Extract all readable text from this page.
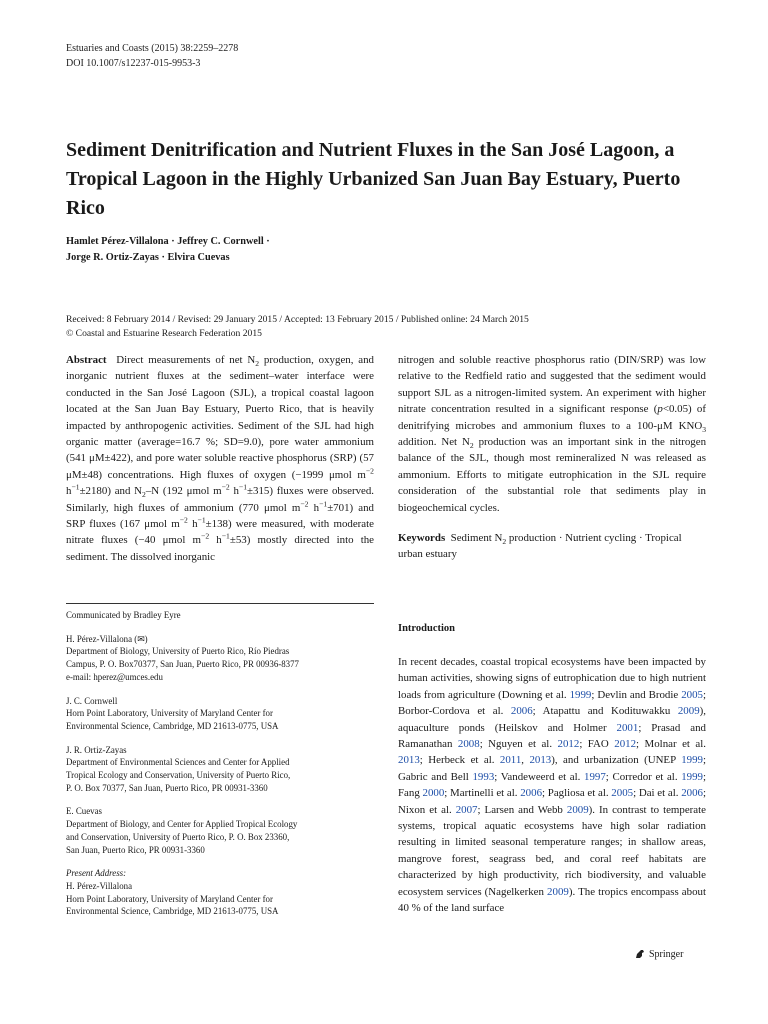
Estuaries and Coasts (2015) 38:2259–2278
DOI 10.1007/s12237-015-9953-3
Sediment Denitrification and Nutrient Fluxes in the San José Lagoon, a Tropical Lagoon in the Highly Urbanized San Juan Bay Estuary, Puerto Rico
Hamlet Pérez-Villalona · Jeffrey C. Cornwell ·
Jorge R. Ortiz-Zayas · Elvira Cuevas
Received: 8 February 2014 / Revised: 29 January 2015 / Accepted: 13 February 2015 / Published online: 24 March 2015
© Coastal and Estuarine Research Federation 2015
Abstract Direct measurements of net $N_2$ production, oxygen, and inorganic nutrient fluxes at the sediment–water interface were conducted in the San José Lagoon (SJL), a tropical coastal lagoon located at the San Juan Bay Estuary, Puerto Rico, that is heavily impacted by anthropogenic activities. Sediment of the SJL had high organic matter (average=16.7 %; SD=9.0), pore water ammonium (541 μM±422), and pore water soluble reactive phosphorus (SRP) (57 μM±48) concentrations. High fluxes of oxygen (−1999 μmol $m^{-2}$ $h^{-1}\pm 2180$) and $N_2-N$ (192 μmol $m^{-2}$ $h^{-1}\pm 315$) fluxes were observed. Similarly, high fluxes of ammonium (770 μmol $m^{-2}$ $h^{-1}\pm 701$) and SRP fluxes (167 μmol $m^{-2}$ $h^{-1}\pm 138$) were measured, with moderate nitrate fluxes (−40 μmol $m^{-2}$ $h^{-1}\pm 53$) mostly directed into the sediment. The dissolved inorganic
nitrogen and soluble reactive phosphorus ratio (DIN/SRP) was low relative to the Redfield ratio and suggested that the sediment would support SJL as a nitrogen-limited system. An experiment with higher nitrate concentration resulted in a significant response (p<0.05) of denitrifying microbes and ammonium fluxes to a 100-μM $KNO_3$ addition. Net $N_2$ production was an important sink in the nitrogen balance of the SJL, though most remineralized N was released as ammonium. Efforts to mitigate eutrophication in the SJL require consideration of the substantial role that sediments play in biogeochemical cycles.
Keywords Sediment $N_2$ production · Nutrient cycling · Tropical urban estuary
Communicated by Bradley Eyre
H. Pérez-Villalona (✉)
Department of Biology, University of Puerto Rico, Río Piedras
Campus, P. O. Box70377, San Juan, Puerto Rico, PR 00936-8377
e-mail: hperez@umces.edu
J. C. Cornwell
Horn Point Laboratory, University of Maryland Center for
Environmental Science, Cambridge, MD 21613-0775, USA
J. R. Ortiz-Zayas
Department of Environmental Sciences and Center for Applied
Tropical Ecology and Conservation, University of Puerto Rico,
P. O. Box 70377, San Juan, Puerto Rico, PR 00931-3360
E. Cuevas
Department of Biology, and Center for Applied Tropical Ecology
and Conservation, University of Puerto Rico, P. O. Box 23360,
San Juan, Puerto Rico, PR 00931-3360
Present Address:
H. Pérez-Villalona
Horn Point Laboratory, University of Maryland Center for
Environmental Science, Cambridge, MD 21613-0775, USA
Introduction
In recent decades, coastal tropical ecosystems have been impacted by human activities, showing signs of eutrophication due to high nutrient loads from agriculture (Downing et al. 1999; Devlin and Brodie 2005; Borbor-Cordova et al. 2006; Atapattu and Kodituwakku 2009), aquaculture ponds (Heilskov and Holmer 2001; Prasad and Ramanathan 2008; Nguyen et al. 2012; FAO 2012; Molnar et al. 2013; Herbeck et al. 2011, 2013), and urbanization (UNEP 1999; Gabric and Bell 1993; Vandeweerd et al. 1997; Corredor et al. 1999; Fang 2000; Martinelli et al. 2006; Pagliosa et al. 2005; Dai et al. 2006; Nixon et al. 2007; Larsen and Webb 2009). In contrast to temperate systems, tropical aquatic ecosystems have high solar radiation resulting in limited seasonal temperature ranges; in shallow areas, mangrove forest, seagrass bed, and coral reef habitats are characterized by high productivity, rich biodiversity, and valuable ecosystem services (Nagelkerken 2009). The tropics encompass about 40 % of the land surface
Springer
